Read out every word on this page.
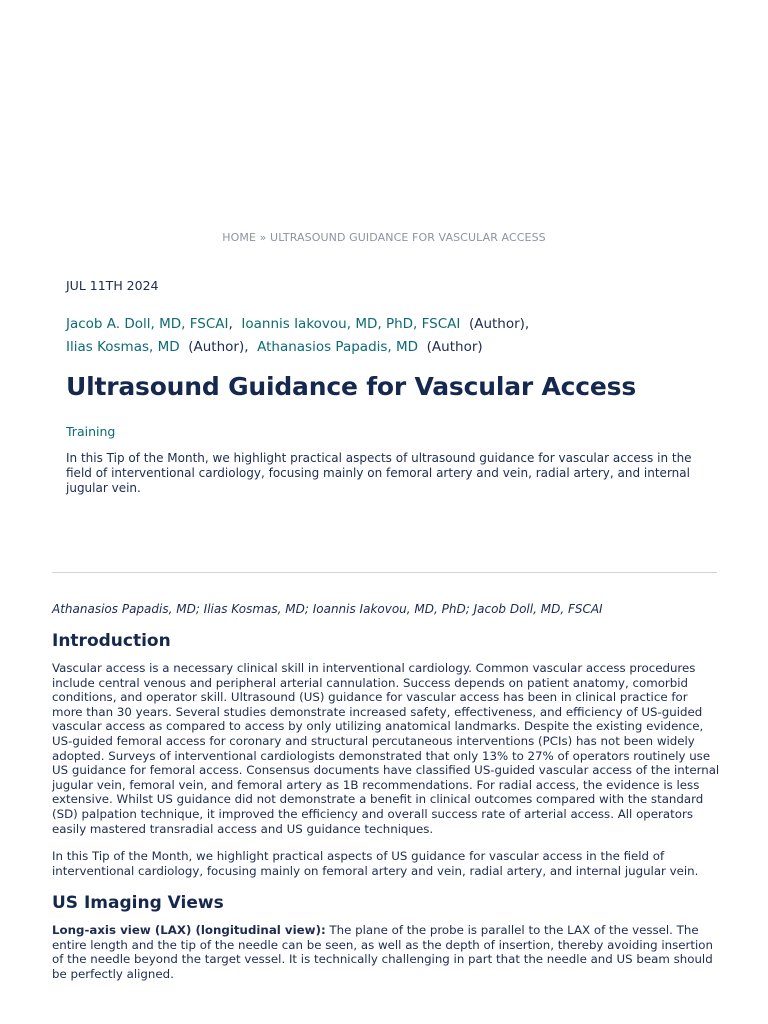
HOME » ULTRASOUND GUIDANCE FOR VASCULAR ACCESS
JUL 11TH 2024
Jacob A. Doll, MD, FSCAI, Ioannis Iakovou, MD, PhD, FSCAI (Author),
Ilias Kosmas, MD (Author), Athanasios Papadis, MD (Author)
Ultrasound Guidance for Vascular Access
Training

In this Tip of the Month, we highlight practical aspects of ultrasound guidance for vascular access in the field of interventional cardiology, focusing mainly on femoral artery and vein, radial artery, and internal jugular vein.

Athanasios Papadis, MD; Ilias Kosmas, MD; Ioannis Iakovou, MD, PhD; Jacob Doll, MD, FSCAI

Introduction

Vascular access is a necessary clinical skill in interventional cardiology. Common vascular access procedures include central venous and peripheral arterial cannulation. Success depends on patient anatomy, comorbid conditions, and operator skill. Ultrasound (US) guidance for vascular access has been in clinical practice for more than 30 years. Several studies demonstrate increased safety, effectiveness, and efficiency of US-guided vascular access as compared to access by only utilizing anatomical landmarks. Despite the existing evidence, US-guided femoral access for coronary and structural percutaneous interventions (PCIs) has not been widely adopted. Surveys of interventional cardiologists demonstrated that only 13% to 27% of operators routinely use US guidance for femoral access. Consensus documents have classified US-guided vascular access of the internal jugular vein, femoral vein, and femoral artery as 1B recommendations. For radial access, the evidence is less extensive. Whilst US guidance did not demonstrate a benefit in clinical outcomes compared with the standard (SD) palpation technique, it improved the efficiency and overall success rate of arterial access. All operators easily mastered transradial access and US guidance techniques.

In this Tip of the Month, we highlight practical aspects of US guidance for vascular access in the field of interventional cardiology, focusing mainly on femoral artery and vein, radial artery, and internal jugular vein.

US Imaging Views

Long-axis view (LAX) (longitudinal view): The plane of the probe is parallel to the LAX of the vessel. The entire length and the tip of the needle can be seen, as well as the depth of insertion, thereby avoiding insertion of the needle beyond the target vessel. It is technically challenging in part that the needle and US beam should be perfectly aligned.
